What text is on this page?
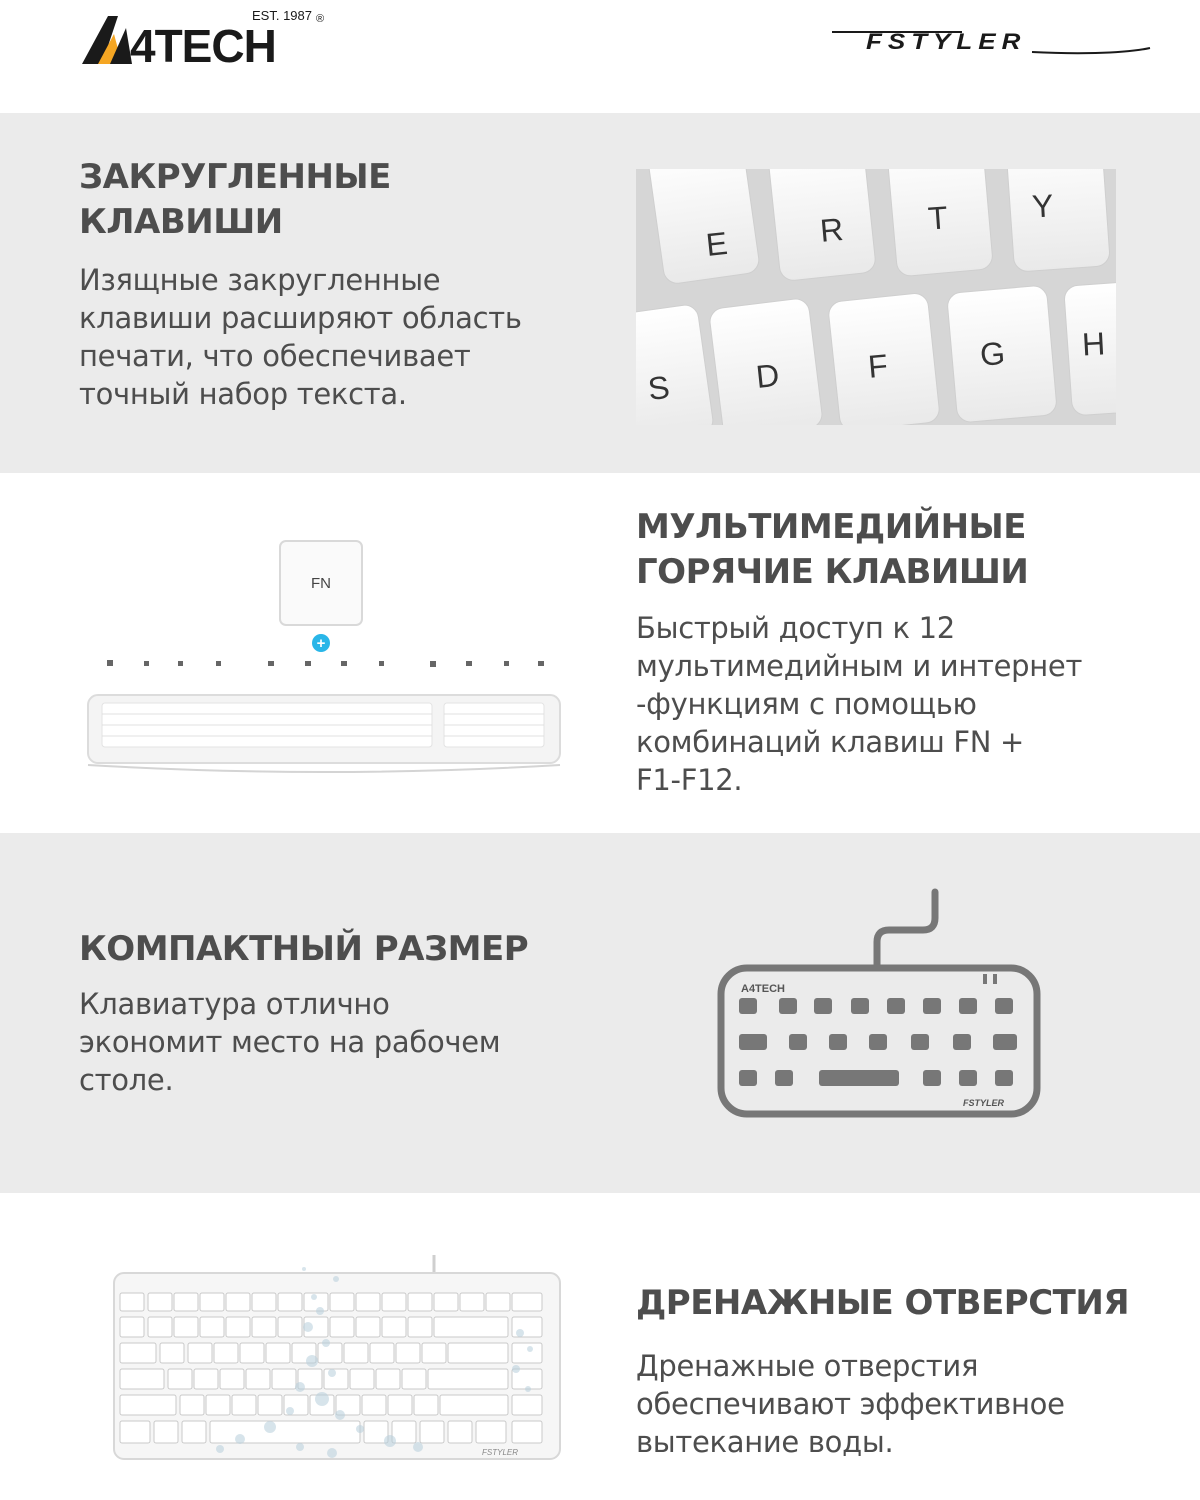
4TECH
EST. 1987 ®
FSTYLER
ЗАКРУГЛЕННЫЕ
КЛАВИШИ
Изящные закругленные
клавиши расширяют область
печати, что обеспечивает
точный набор текста.
E	R	T	Y
S	D	F	G H
FN
+
МУЛЬТИМЕДИЙНЫЕ
ГОРЯЧИЕ КЛАВИШИ
Быстрый доступ к 12
мультимедийным и интернет
-функциям с помощью
комбинаций клавиш FN +
F1-F12.
КОМПАКТНЫЙ РАЗМЕР
Клавиатура отлично
экономит место на рабочем
столе.
A4TECH
FSTYLER
FSTYLER
ДРЕНАЖНЫЕ ОТВЕРСТИЯ
Дренажные отверстия
обеспечивают эффективное
вытекание воды.
